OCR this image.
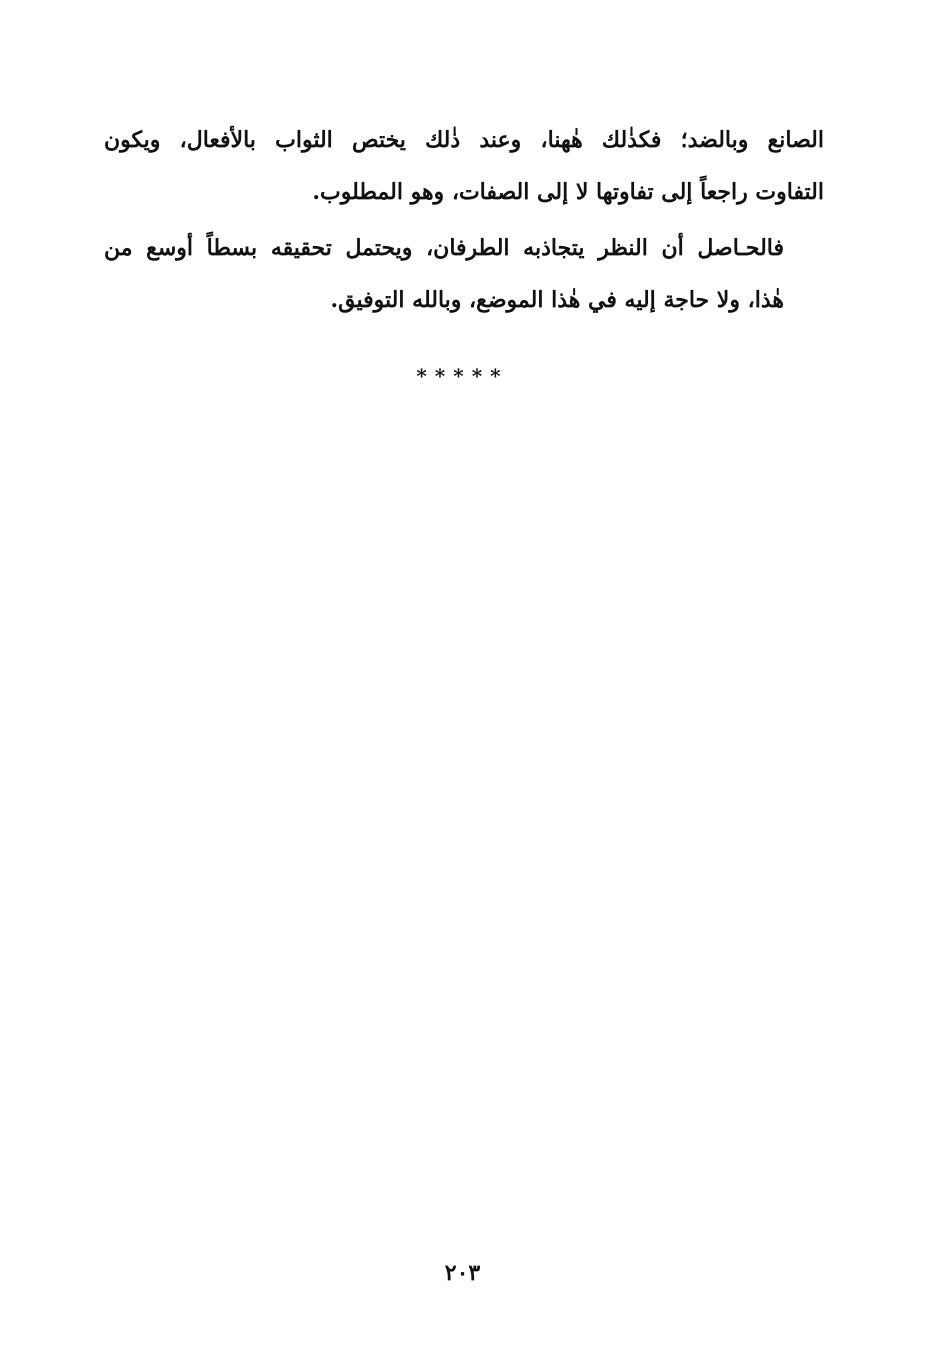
الصانع وبالضد؛ فكذٰلك هٰهنا، وعند ذٰلك يختص الثواب بالأفعال، ويكون
التفاوت راجعاً إلى تفاوتها لا إلى الصفات، وهو المطلوب.
فالحـاصل أن النظر يتجاذبه الطرفان، ويحتمل تحقيقه بسطاً أوسع من
هٰذا، ولا حاجة إليه في هٰذا الموضع، وبالله التوفيق.
*****
٢٠٣
